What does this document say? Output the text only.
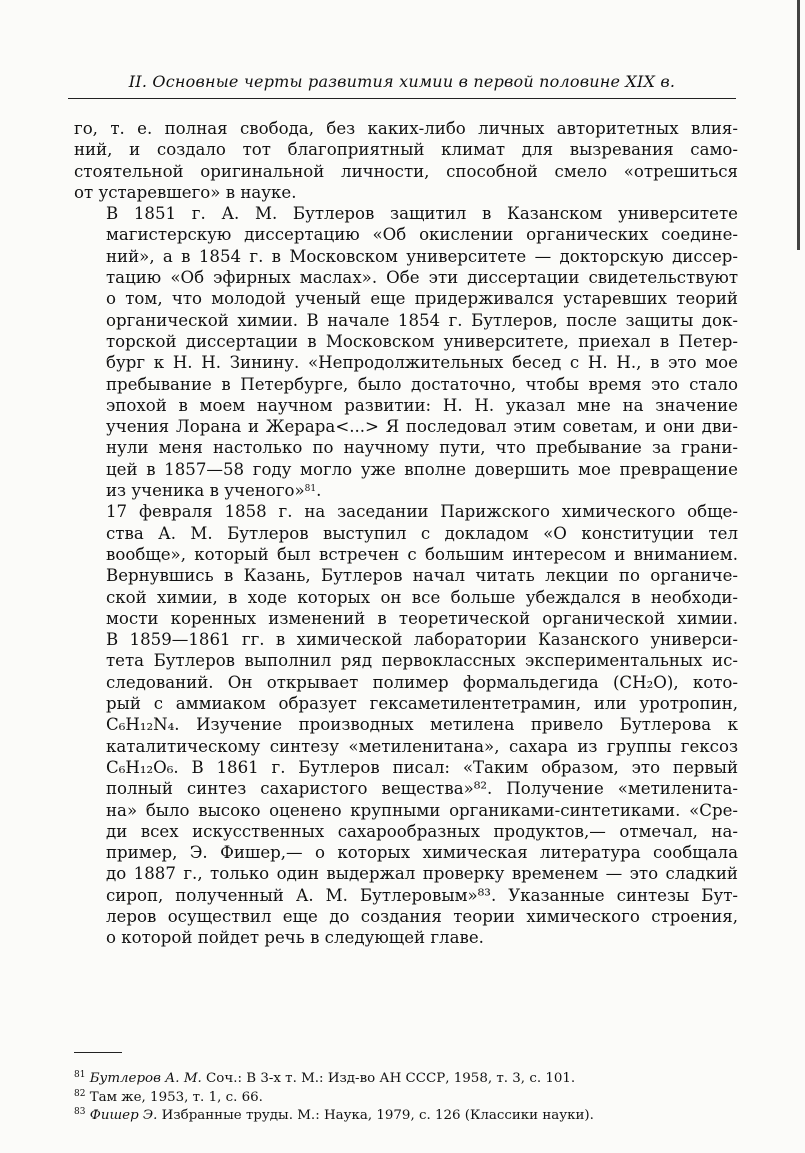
II. Основные черты развития химии в первой половине XIX в.

го, т. е. полная свобода, без каких-либо личных авторитетных влия-
ний, и создало тот благоприятный климат для вызревания само-
стоятельной оригинальной личности, способной смело «отрешиться
от устаревшего» в науке.

В 1851 г. А. М. Бутлеров защитил в Казанском университете
магистерскую диссертацию «Об окислении органических соедине-
ний», а в 1854 г. в Московском университете — докторскую диссер-
тацию «Об эфирных маслах». Обе эти диссертации свидетельствуют
о том, что молодой ученый еще придерживался устаревших теорий
органической химии. В начале 1854 г. Бутлеров, после защиты док-
торской диссертации в Московском университете, приехал в Петер-
бург к Н. Н. Зинину. «Непродолжительных бесед с Н. Н., в это мое
пребывание в Петербурге, было достаточно, чтобы время это стало
эпохой в моем научном развитии: Н. Н. указал мне на значение
учения Лорана и Жерара<...> Я последовал этим советам, и они дви-
нули меня настолько по научному пути, что пребывание за грани-
цей в 1857—58 году могло уже вполне довершить мое превращение
из ученика в ученого»$^{81}$.

17 февраля 1858 г. на заседании Парижского химического обще-
ства А. М. Бутлеров выступил с докладом «О конституции тел
вообще», который был встречен с большим интересом и вниманием.
Вернувшись в Казань, Бутлеров начал читать лекции по органиче-
ской химии, в ходе которых он все больше убеждался в необходи-
мости коренных изменений в теоретической органической химии.
В 1859—1861 гг. в химической лаборатории Казанского универси-
тета Бутлеров выполнил ряд первоклассных экспериментальных ис-
следований. Он открывает полимер формальдегида (CH₂O), кото-
рый с аммиаком образует гексаметилентетрамин, или уротропин,
C₆H₁₂N₄. Изучение производных метилена привело Бутлерова к
каталитическому синтезу «метиленитана», сахара из группы гексоз
C₆H₁₂O₆. В 1861 г. Бутлеров писал: «Таким образом, это первый
полный синтез сахаристого вещества»⁸². Получение «метиленита-
на» было высоко оценено крупными органиками-синтетиками. «Сре-
ди всех искусственных сахарообразных продуктов,— отмечал, на-
пример, Э. Фишер,— о которых химическая литература сообщала
до 1887 г., только один выдержал проверку временем — это сладкий
сироп, полученный А. М. Бутлеровым»⁸³. Указанные синтезы Бут-
леров осуществил еще до создания теории химического строения,
о которой пойдет речь в следующей главе.

$^{81}$ Бутлеров А. М. Соч.: В 3-х т. М.: Изд-во АН СССР, 1958, т. 3, с. 101.
$^{82}$ Там же, 1953, т. 1, с. 66.
$^{83}$ Фишер Э. Избранные труды. М.: Наука, 1979, с. 126 (Классики науки).
